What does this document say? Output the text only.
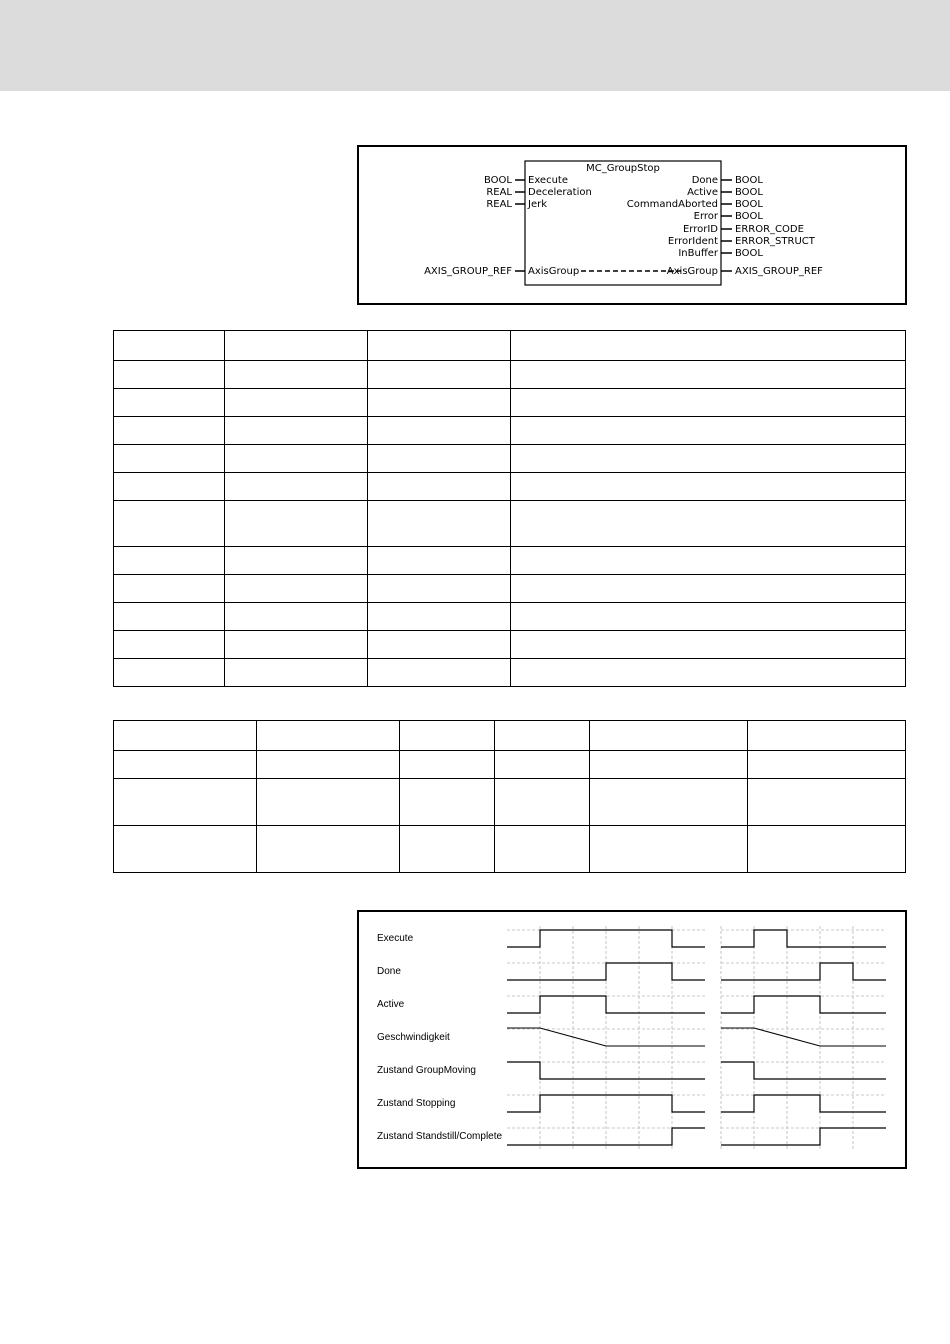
MC_GroupStop
BOOL
REAL
REAL
Execute
Deceleration
Jerk
Done
Active
CommandAborted
Error
ErrorID
ErrorIdent
InBuffer
BOOL
BOOL
BOOL
BOOL
ERROR_CODE
ERROR_STRUCT
BOOL
AXIS_GROUP_REF AxisGroup	AxisGroup AXIS_GROUP_REF

Execute
Done
Active
Geschwindigkeit
Zustand GroupMoving
Zustand Stopping
Zustand Standstill/Complete
